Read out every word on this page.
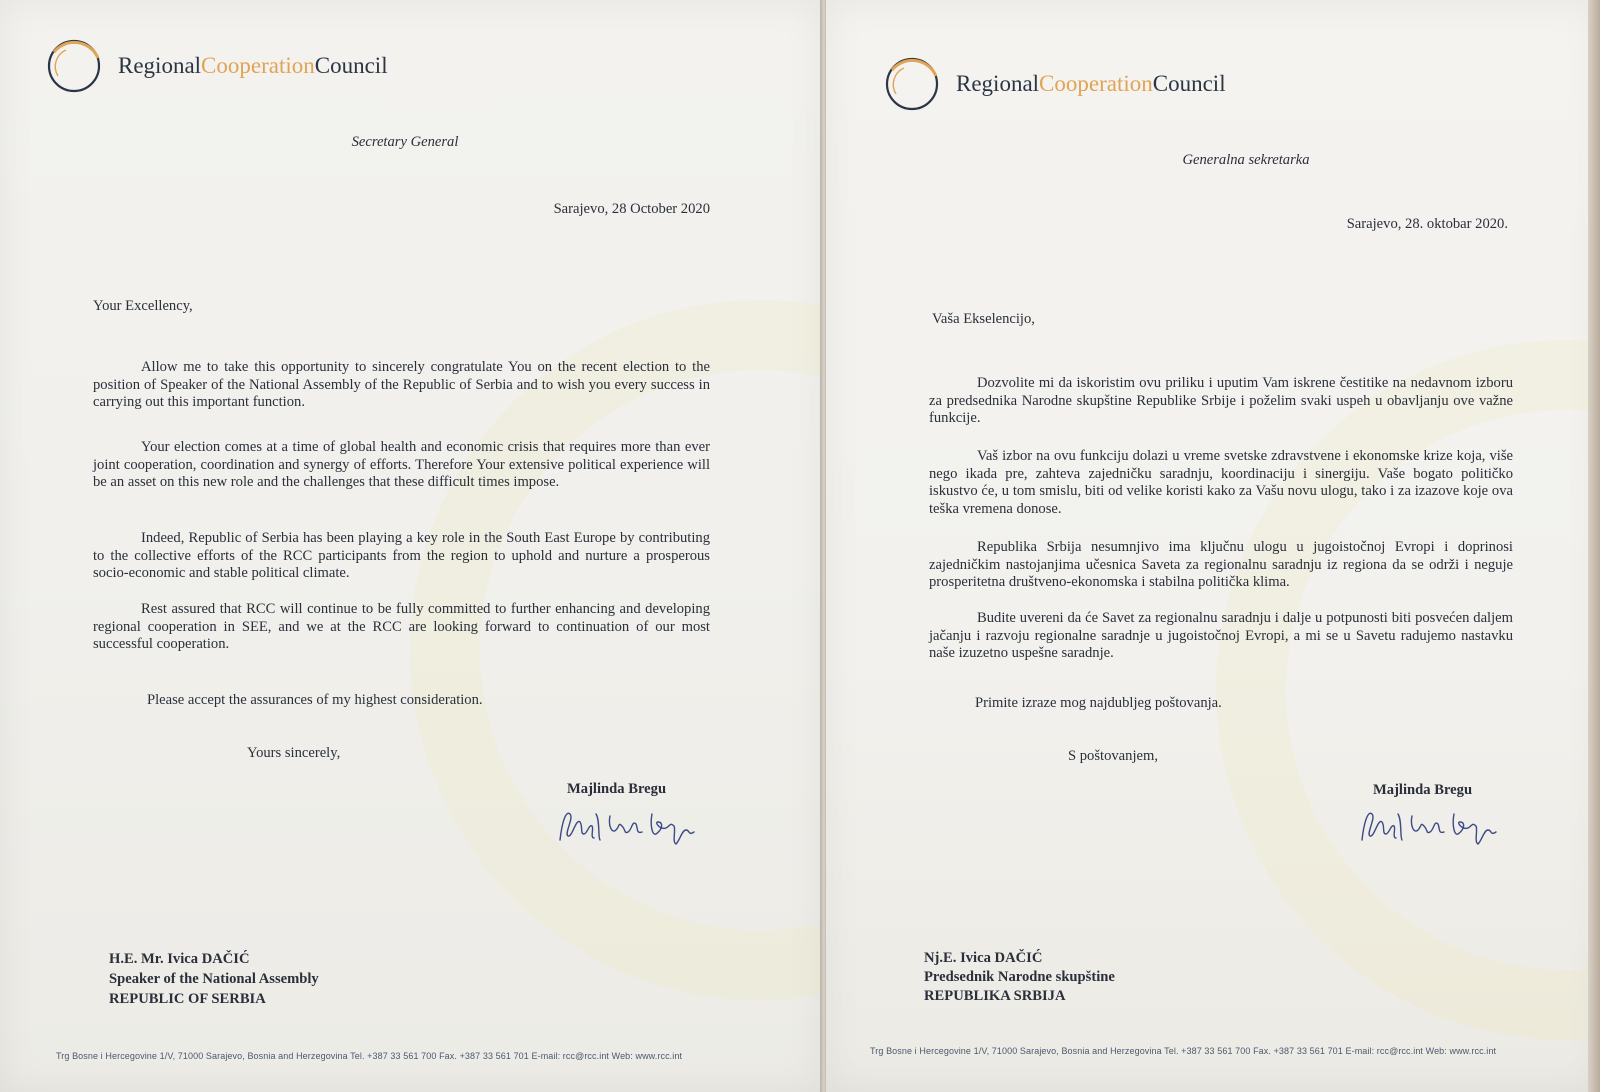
RegionalCooperationCouncil
Secretary General
Sarajevo, 28 October 2020
Your Excellency,
Allow me to take this opportunity to sincerely congratulate You on the recent election to the position of Speaker of the National Assembly of the Republic of Serbia and to wish you every success in carrying out this important function.
Your election comes at a time of global health and economic crisis that requires more than ever joint cooperation, coordination and synergy of efforts. Therefore Your extensive political experience will be an asset on this new role and the challenges that these difficult times impose.
Indeed, Republic of Serbia has been playing a key role in the South East Europe by contributing to the collective efforts of the RCC participants from the region to uphold and nurture a prosperous socio-economic and stable political climate.
Rest assured that RCC will continue to be fully committed to further enhancing and developing regional cooperation in SEE, and we at the RCC are looking forward to continuation of our most successful cooperation.
Please accept the assurances of my highest consideration.
Yours sincerely,
Majlinda Bregu
H.E. Mr. Ivica DAČIĆ
Speaker of the National Assembly
REPUBLIC OF SERBIA
Trg Bosne i Hercegovine 1/V, 71000 Sarajevo, Bosnia and Herzegovina Tel. +387 33 561 700 Fax. +387 33 561 701 E-mail: rcc@rcc.int Web: www.rcc.int
RegionalCooperationCouncil
Generalna sekretarka
Sarajevo, 28. oktobar 2020.
Vaša Ekselencijo,
Dozvolite mi da iskoristim ovu priliku i uputim Vam iskrene čestitike na nedavnom izboru za predsednika Narodne skupštine Republike Srbije i poželim svaki uspeh u obavljanju ove važne funkcije.
Vaš izbor na ovu funkciju dolazi u vreme svetske zdravstvene i ekonomske krize koja, više nego ikada pre, zahteva zajedničku saradnju, koordinaciju i sinergiju. Vaše bogato političko iskustvo će, u tom smislu, biti od velike koristi kako za Vašu novu ulogu, tako i za izazove koje ova teška vremena donose.
Republika Srbija nesumnjivo ima ključnu ulogu u jugoistočnoj Evropi i doprinosi zajedničkim nastojanjima učesnica Saveta za regionalnu saradnju iz regiona da se održi i neguje prosperitetna društveno-ekonomska i stabilna politička klima.
Budite uvereni da će Savet za regionalnu saradnju i dalje u potpunosti biti posvećen daljem jačanju i razvoju regionalne saradnje u jugoistočnoj Evropi, a mi se u Savetu radujemo nastavku naše izuzetno uspešne saradnje.
Primite izraze mog najdubljeg poštovanja.
S poštovanjem,
Majlinda Bregu
Nj.E. Ivica DAČIĆ
Predsednik Narodne skupštine
REPUBLIKA SRBIJA
Trg Bosne i Hercegovine 1/V, 71000 Sarajevo, Bosnia and Herzegovina Tel. +387 33 561 700 Fax. +387 33 561 701 E-mail: rcc@rcc.int Web: www.rcc.int
